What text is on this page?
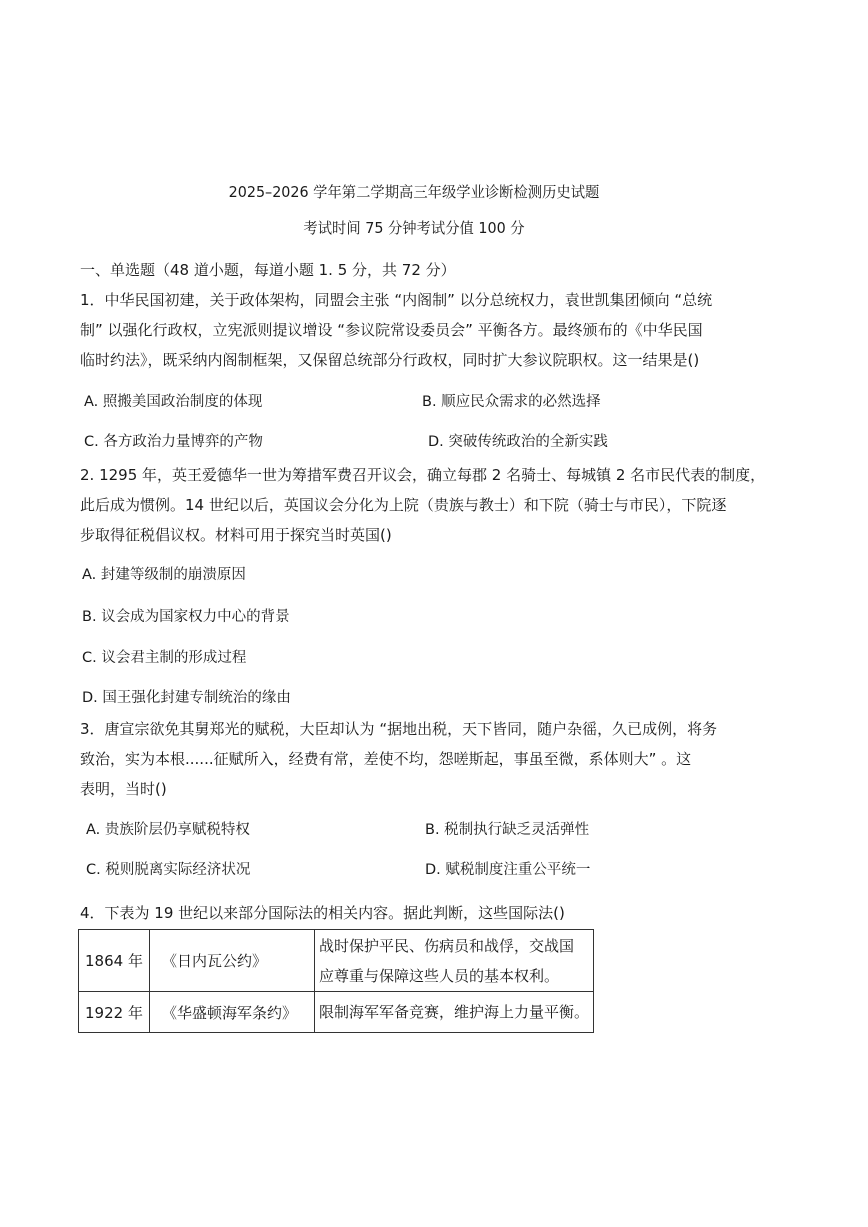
2025–2026 学年第二学期高三年级学业诊断检测历史试题
考试时间 75 分钟考试分值 100 分
一、单选题（48 道小题，每道小题 1. 5 分，共 72 分）
1．中华民国初建，关于政体架构，同盟会主张 “内阁制” 以分总统权力，袁世凯集团倾向 “总统
制” 以强化行政权，立宪派则提议增设 “参议院常设委员会” 平衡各方。最终颁布的《中华民国
临时约法》，既采纳内阁制框架，又保留总统部分行政权，同时扩大参议院职权。这一结果是()
A. 照搬美国政治制度的体现	B. 顺应民众需求的必然选择
C. 各方政治力量博弈的产物	D. 突破传统政治的全新实践
2. 1295 年，英王爱德华一世为筹措军费召开议会，确立每郡 2 名骑士、每城镇 2 名市民代表的制度，
此后成为惯例。14 世纪以后，英国议会分化为上院（贵族与教士）和下院（骑士与市民），下院逐
步取得征税倡议权。材料可用于探究当时英国()
A. 封建等级制的崩溃原因
B. 议会成为国家权力中心的背景
C. 议会君主制的形成过程
D. 国王强化封建专制统治的缘由
3．唐宣宗欲免其舅郑光的赋税，大臣却认为 “据地出税，天下皆同，随户杂徭，久已成例，将务
致治，实为本根......征赋所入，经费有常，差使不均，怨嗟斯起，事虽至微，系体则大” 。这
表明，当时()
A. 贵族阶层仍享赋税特权	B. 税制执行缺乏灵活弹性
C. 税则脱离实际经济状况	D. 赋税制度注重公平统一
4．下表为 19 世纪以来部分国际法的相关内容。据此判断，这些国际法()
1864 年	《日内瓦公约》	战时保护平民、伤病员和战俘，交战国
应尊重与保障这些人员的基本权利。

1922 年	《华盛顿海军条约》	限制海军军备竞赛，维护海上力量平衡。
